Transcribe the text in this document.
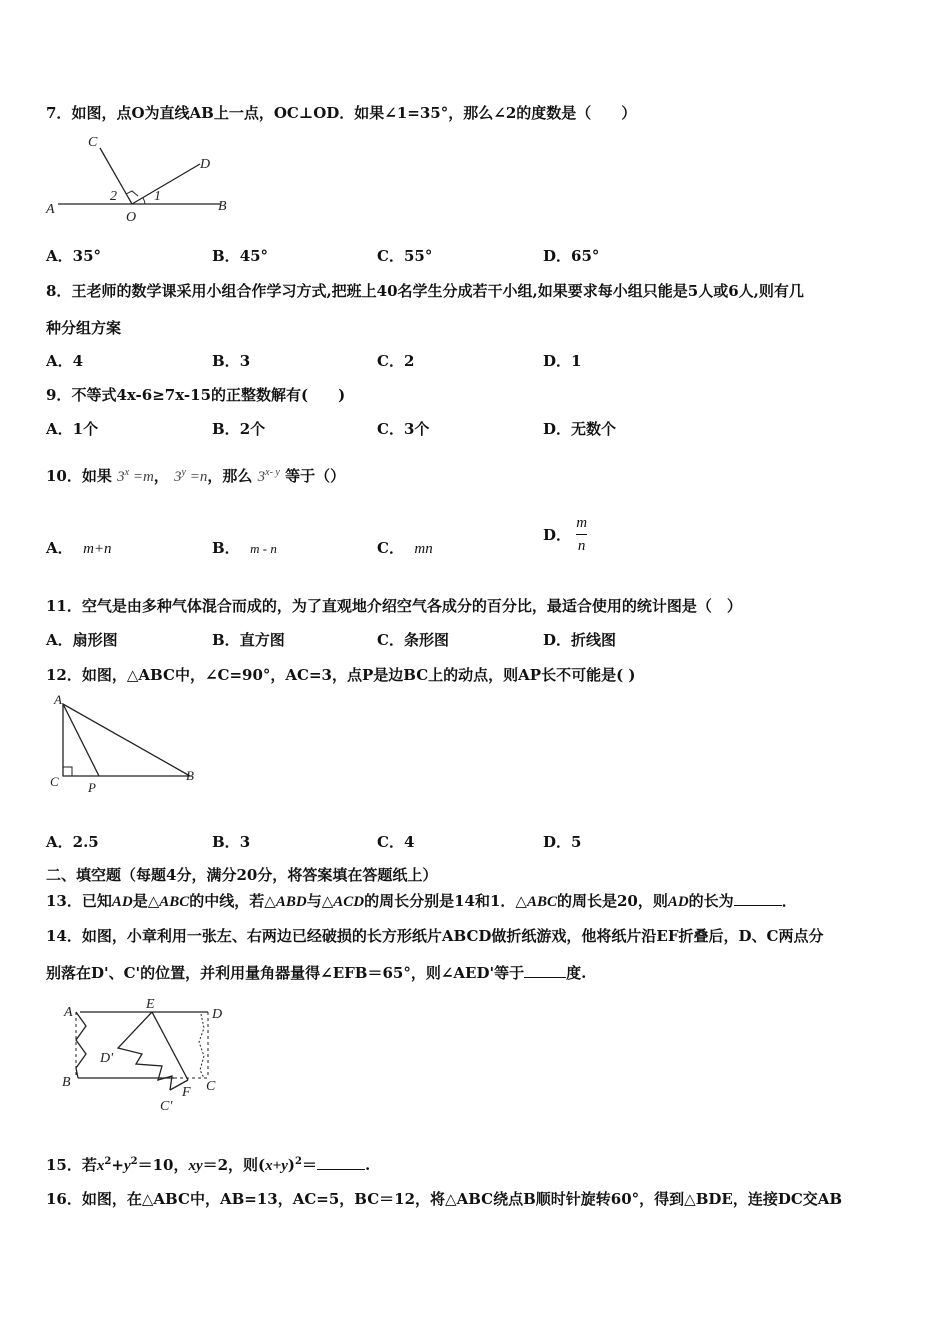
7．如图，点O为直线AB上一点，OC⊥OD．如果∠1=35°，那么∠2的度数是（　　）
A	B
C
D
O
1
2
A．35°	B．45°	C．55°	D．65°
8．王老师的数学课采用小组合作学习方式,把班上40名学生分成若干小组,如果要求每小组只能是5人或6人,则有几
种分组方案
A．4	B．3	C．2	D．1
9．不等式4x-6≥7x-15的正整数解有(　　)
A．1个	B．2个	C．3个	D．无数个
10．如果 $3^x =m$， $3^y =n$，那么 3$^{x- y}$ 等于（）
A． m+n	B． m - n	C． mn
D． $\frac{m}{n}$
11．空气是由多种气体混合而成的，为了直观地介绍空气各成分的百分比，最适合使用的统计图是（　）
A．扇形图	B．直方图	C．条形图	D．折线图
12．如图，△ABC中，∠C=90°，AC=3，点P是边BC上的动点，则AP长不可能是( )
A
B
C P
A．2.5	B．3	C．4	D．5
二、填空题（每题4分，满分20分，将答案填在答题纸上）
13．已知AD是△ABC的中线，若△ABD与△ACD的周长分别是14和1．△ABC的周长是20，则AD的长为	．
14．如图，小章利用一张左、右两边已经破损的长方形纸片ABCD做折纸游戏，他将纸片沿EF折叠后，D、C两点分
别落在D'、C'的位置，并利用量角器量得∠EFB＝65°，则∠AED'等于	度.
A
B	C
D
E
F
D'
C'
15．若$x^2+y^2=10$，xy＝2，则$(x+y)^2=$	.
16．如图，在△ABC中，AB=13，AC=5，BC＝12，将△ABC绕点B顺时针旋转60°，得到△BDE，连接DC交AB
